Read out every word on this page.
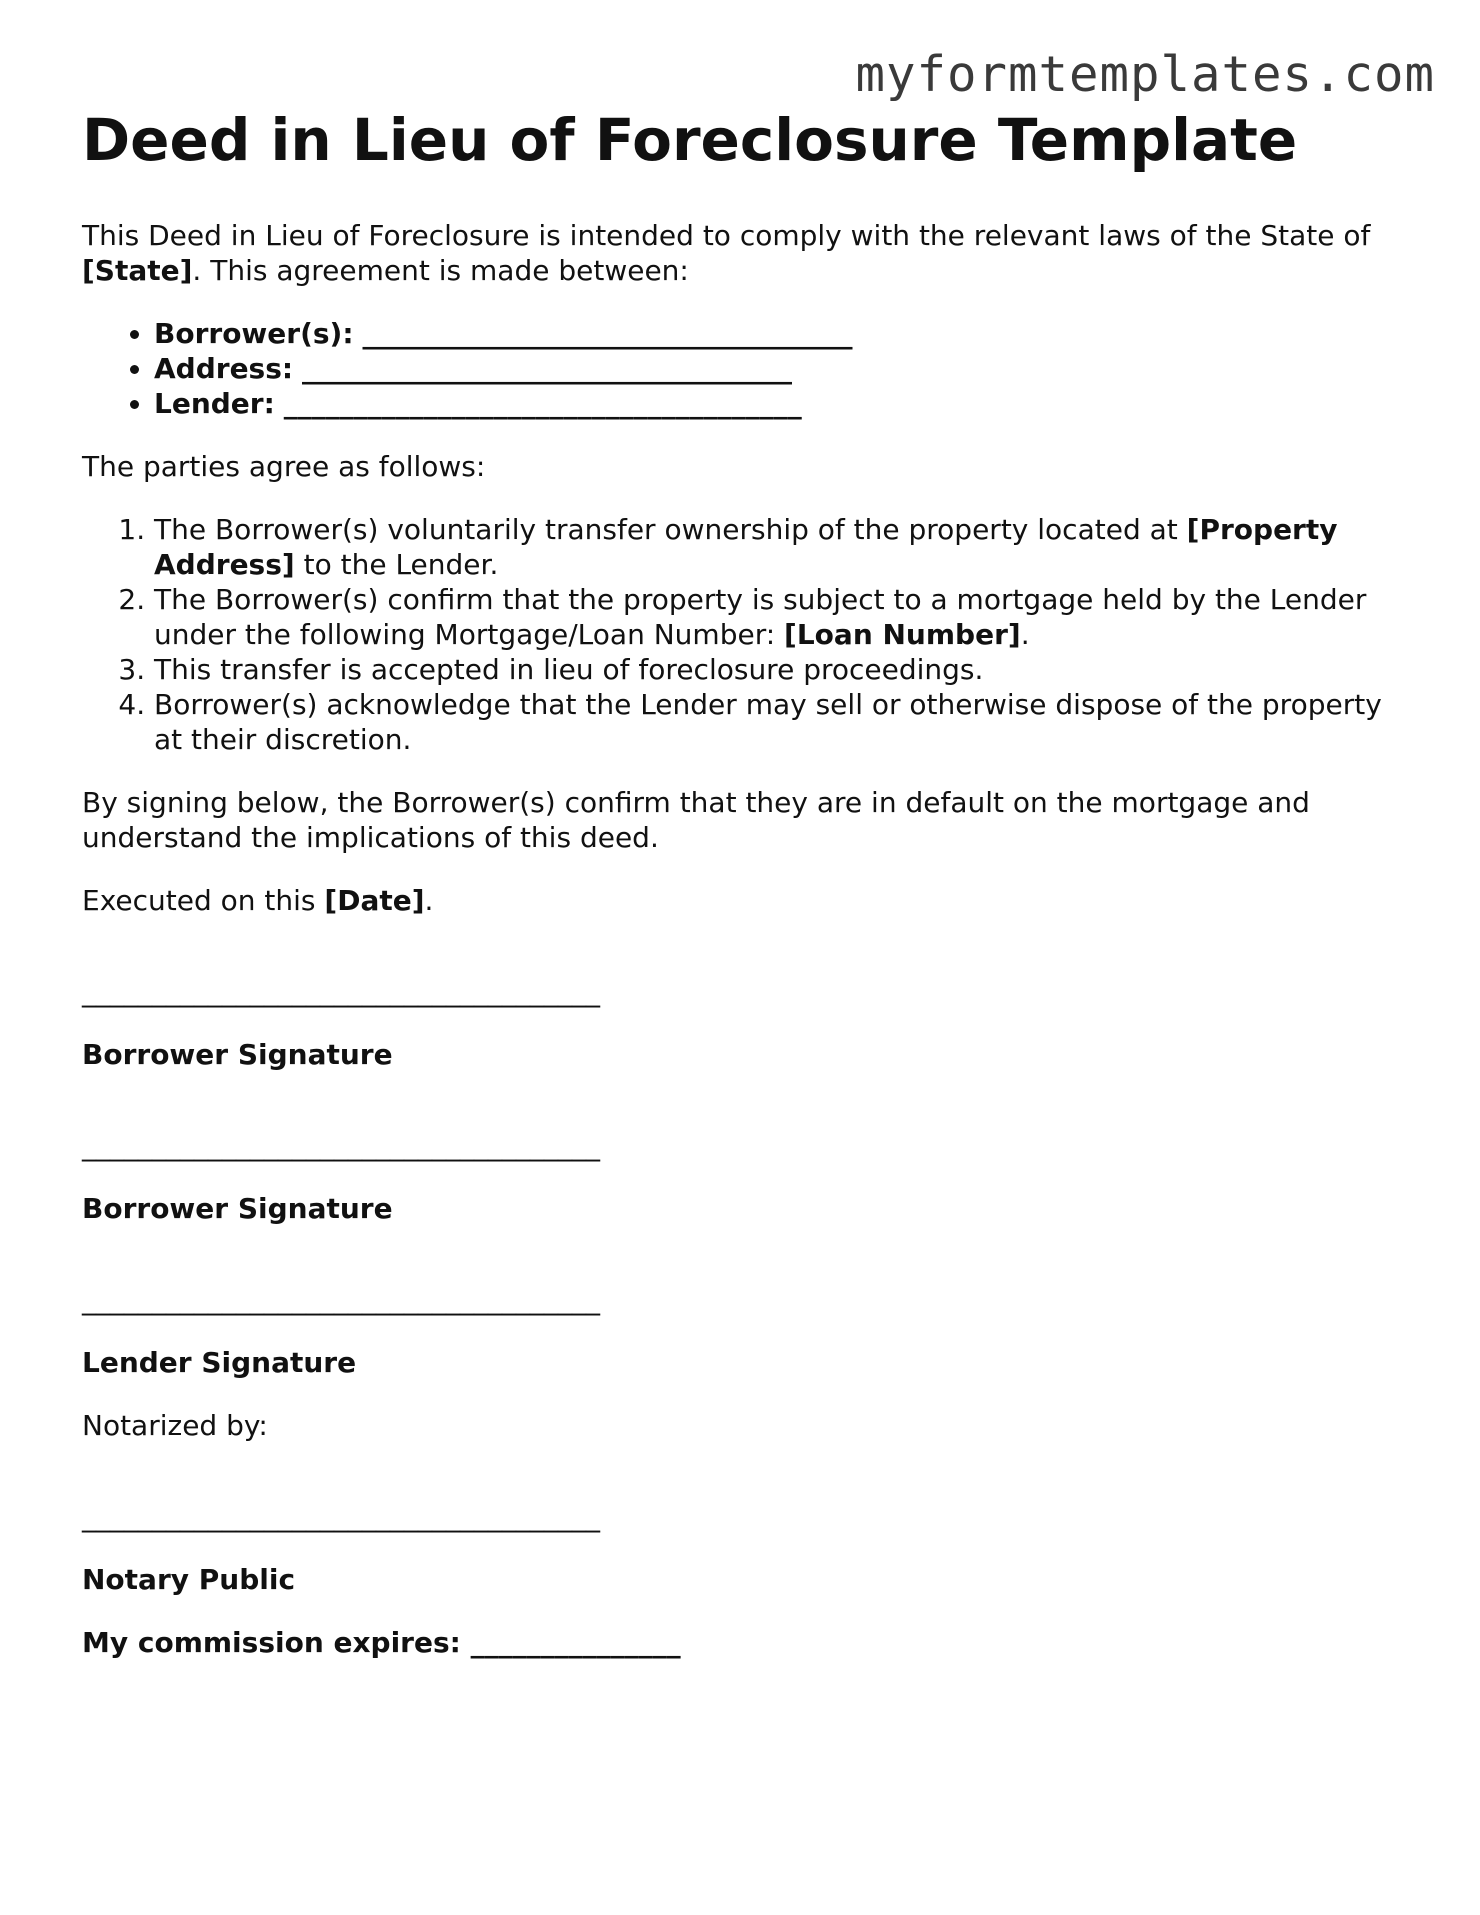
myformtemplates.com
Deed in Lieu of Foreclosure Template

This Deed in Lieu of Foreclosure is intended to comply with the relevant laws of the State of [State]. This agreement is made between:

• Borrower(s): ___________________________________
• Address: ___________________________________
• Lender: _____________________________________

The parties agree as follows:

1. The Borrower(s) voluntarily transfer ownership of the property located at [Property Address] to the Lender.
2. The Borrower(s) confirm that the property is subject to a mortgage held by the Lender under the following Mortgage/Loan Number: [Loan Number].
3. This transfer is accepted in lieu of foreclosure proceedings.
4. Borrower(s) acknowledge that the Lender may sell or otherwise dispose of the property at their discretion.

By signing below, the Borrower(s) confirm that they are in default on the mortgage and understand the implications of this deed.

Executed on this [Date].

_____________________________________
Borrower Signature
_____________________________________
Borrower Signature
_____________________________________
Lender Signature

Notarized by:

_____________________________________
Notary Public
My commission expires: _______________
